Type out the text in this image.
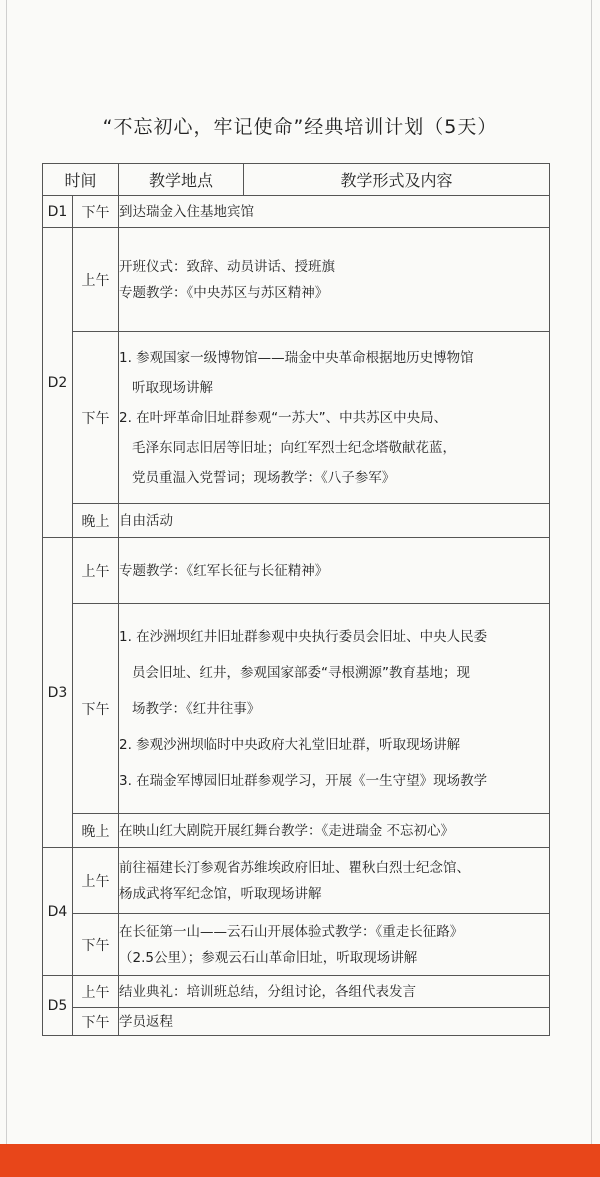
“不忘初心，牢记使命”经典培训计划（5天）
时间		教学地点	教学形式及内容
D1	下午	到达瑞金入住基地宾馆	
D2	上午	开班仪式：致辞、动员讲话、授班旗
专题教学：《中央苏区与苏区精神》	

	下午	1. 参观国家一级博物馆——瑞金中央革命根据地历史博物馆
听取现场讲解
2. 在叶坪革命旧址群参观“一苏大”、中共苏区中央局、
毛泽东同志旧居等旧址；向红军烈士纪念塔敬献花蓝，
党员重温入党誓词；现场教学：《八子参军》	

	晚上	自由活动	
D3	上午	专题教学：《红军长征与长征精神》	
	下午	1. 在沙洲坝红井旧址群参观中央执行委员会旧址、中央人民委
员会旧址、红井，参观国家部委“寻根溯源”教育基地；现
场教学：《红井往事》
2. 参观沙洲坝临时中央政府大礼堂旧址群，听取现场讲解
3. 在瑞金军博园旧址群参观学习，开展《一生守望》现场教学	

	晚上	在映山红大剧院开展红舞台教学：《走进瑞金 不忘初心》	
D4	上午	前往福建长汀参观省苏维埃政府旧址、瞿秋白烈士纪念馆、
杨成武将军纪念馆，听取现场讲解	

	下午	在长征第一山——云石山开展体验式教学：《重走长征路》
（2.5公里）；参观云石山革命旧址，听取现场讲解	

D5	上午	结业典礼：培训班总结，分组讨论，各组代表发言	
	下午	学员返程	
